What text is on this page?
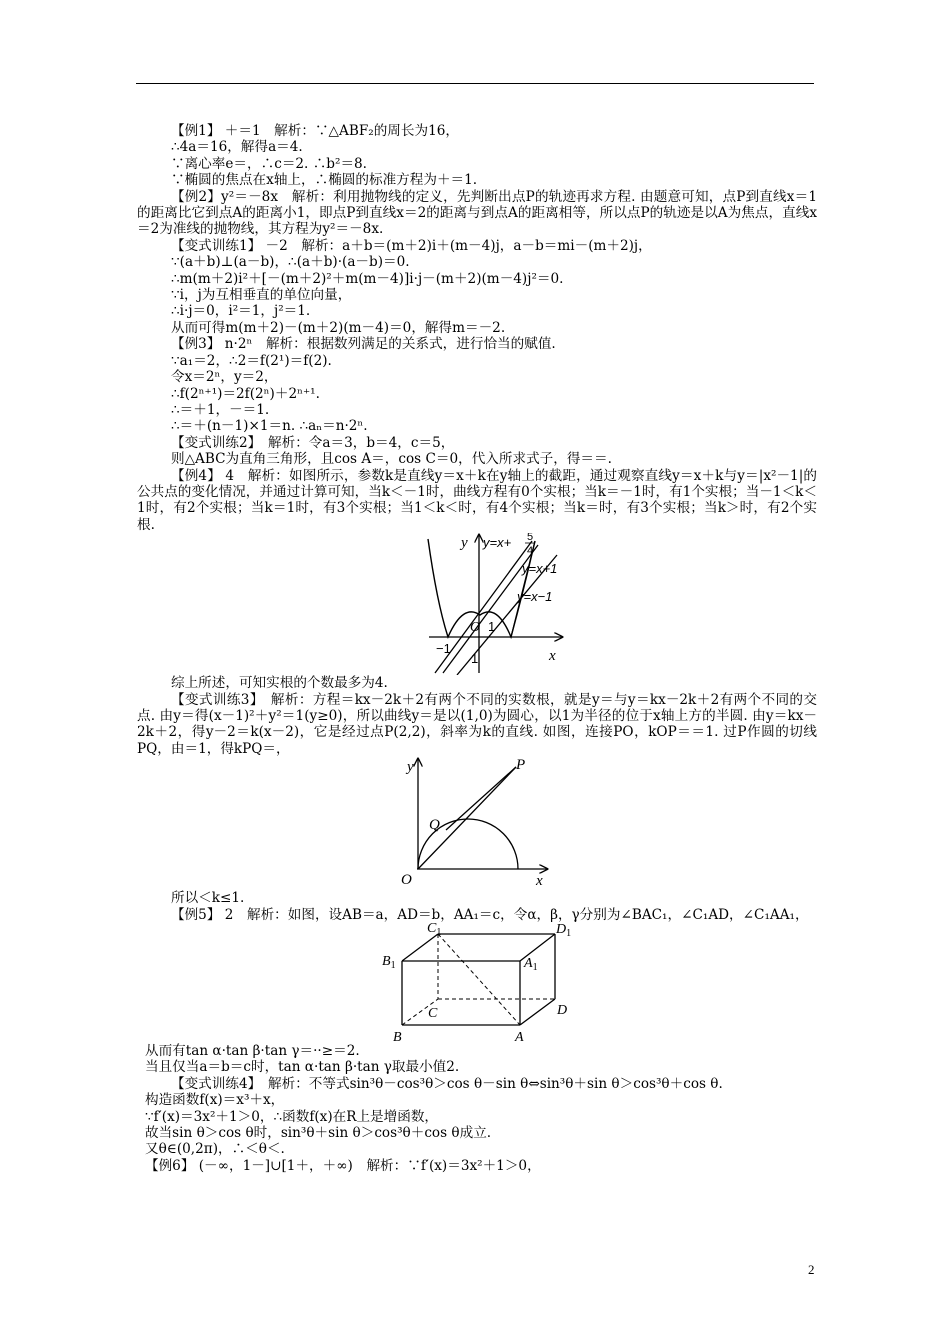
【例1】 ＋＝1　解析：∵△ABF₂的周长为16，

∴4a＝16，解得a＝4.

∵离心率e＝，∴c＝2. ∴b²＝8.

∵椭圆的焦点在x轴上，∴椭圆的标准方程为＋＝1.

【例2】y²＝－8x　解析：利用抛物线的定义，先判断出点P的轨迹再求方程. 由题意可知，点P到直线x＝1的距离比它到点A的距离小1，即点P到直线x＝2的距离与到点A的距离相等，所以点P的轨迹是以A为焦点，直线x＝2为准线的抛物线，其方程为y²＝－8x.

【变式训练1】 －2　解析：a＋b＝(m＋2)i＋(m－4)j，a－b＝mi－(m＋2)j，

∵(a＋b)⊥(a－b)，∴(a＋b)·(a－b)＝0.

∴m(m＋2)i²＋[－(m＋2)²＋m(m－4)]i·j－(m＋2)(m－4)j²＝0.

∵i，j为互相垂直的单位向量，

∴i·j＝0，i²＝1，j²＝1.

从而可得m(m＋2)－(m＋2)(m－4)＝0，解得m＝－2.

【例3】 n·2ⁿ　解析：根据数列满足的关系式，进行恰当的赋值.

∵a₁＝2，∴2＝f(2¹)＝f(2).

令x＝2ⁿ，y＝2，

∴f(2ⁿ⁺¹)＝2f(2ⁿ)＋2ⁿ⁺¹.

∴＝＋1，－＝1.

∴＝＋(n－1)×1＝n. ∴aₙ＝n·2ⁿ.

【变式训练2】　解析：令a＝3，b＝4，c＝5，

则△ABC为直角三角形，且cos A＝，cos C＝0，代入所求式子，得＝＝.

【例4】 4　解析：如图所示，参数k是直线y＝x＋k在y轴上的截距，通过观察直线y＝x＋k与y＝|x²－1|的公共点的变化情况，并通过计算可知，当k＜－1时，曲线方程有0个实根；当k＝－1时，有1个实根；当－1＜k＜1时，有2个实根；当k＝1时，有3个实根；当1＜k＜时，有4个实根；当k＝时，有3个实根；当k＞时，有2个实根.

y
x
O 1
−1
1
y=x+ 5
4
y=x+1
y=x−1

综上所述，可知实根的个数最多为4.

【变式训练3】　解析：方程＝kx－2k＋2有两个不同的实数根，就是y＝与y＝kx－2k＋2有两个不同的交点. 由y＝得(x－1)²＋y²＝1(y≥0)，所以曲线y＝是以(1,0)为圆心，以1为半径的位于x轴上方的半圆. 由y＝kx－2k＋2，得y－2＝k(x－2)，它是经过点P(2,2)，斜率为k的直线. 如图，连接PO，kOP＝＝1. 过P作圆的切线PQ，由＝1，得kPQ＝，

y
x
O
P
Q

所以＜k≤1.

【例5】 2　解析：如图，设AB＝a，AD＝b，AA₁＝c，令α，β，γ分别为∠BAC₁，∠C₁AD，∠C₁AA₁，

$C_1$	$D_1$
$B_1$	$A_1$
C	D
B	A

从而有tan α·tan β·tan γ＝··≥＝2.

当且仅当a＝b＝c时，tan α·tan β·tan γ取最小值2.

【变式训练4】　解析：不等式sin³θ－cos³θ＞cos θ－sin θ⇔sin³θ＋sin θ＞cos³θ＋cos θ.

构造函数f(x)＝x³＋x，

∵f′(x)＝3x²＋1＞0，∴函数f(x)在R上是增函数，

故当sin θ＞cos θ时，sin³θ＋sin θ＞cos³θ＋cos θ成立.

又θ∈(0,2π)，∴＜θ＜.

【例6】 (－∞，1－]∪[1＋，＋∞)　解析：∵f′(x)＝3x²＋1＞0，

2
